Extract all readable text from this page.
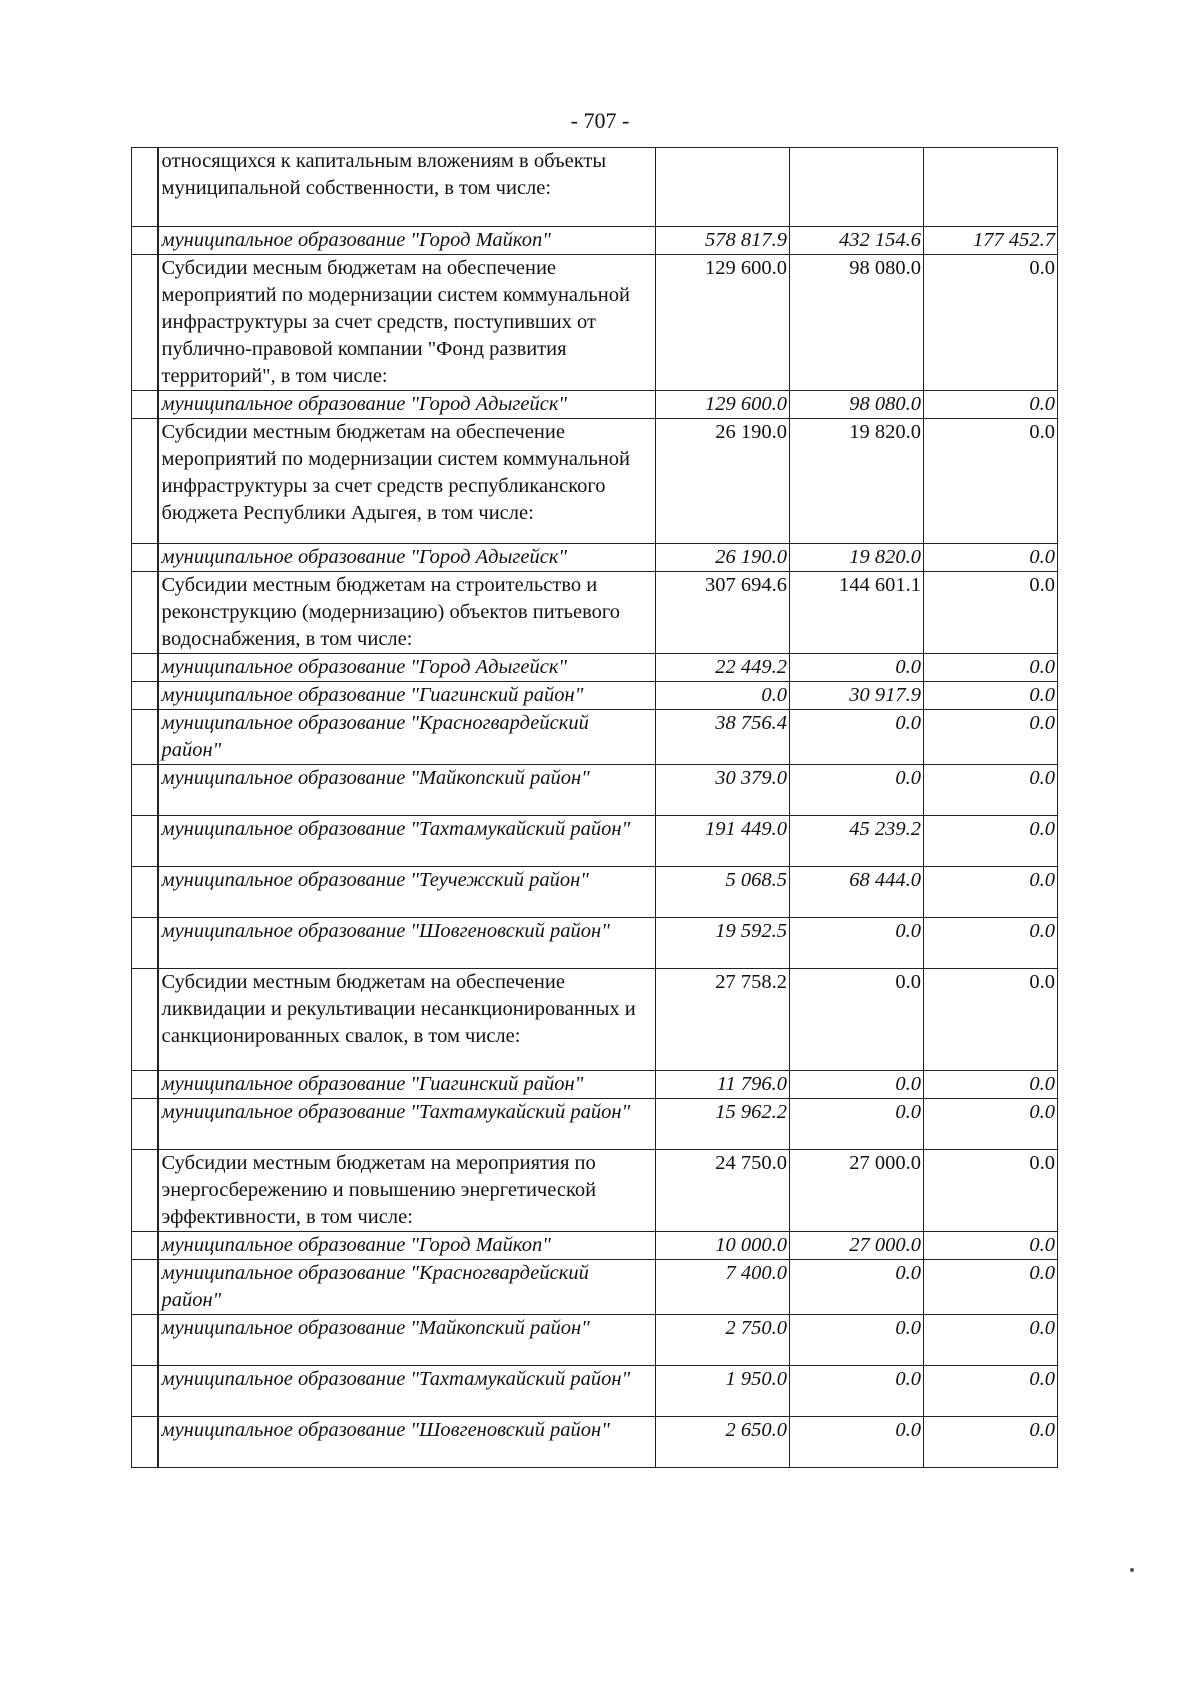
- 707 -
	относящихся к капитальным вложениям в объекты муниципальной собственности, в том числе:			
	муниципальное образование "Город Майкоп"	578 817.9	432 154.6	177 452.7
	Субсидии месным бюджетам на обеспечение мероприятий по модернизации систем коммунальной инфраструктуры за счет средств, поступивших от публично-правовой компании "Фонд развития территорий", в том числе:	129 600.0	98 080.0	0.0
	муниципальное образование "Город Адыгейск"	129 600.0	98 080.0	0.0
	Субсидии местным бюджетам на обеспечение мероприятий по модернизации систем коммунальной инфраструктуры за счет средств республиканского бюджета Республики Адыгея, в том числе:	26 190.0	19 820.0	0.0
	муниципальное образование "Город Адыгейск"	26 190.0	19 820.0	0.0
	Субсидии местным бюджетам на строительство и реконструкцию (модернизацию) объектов питьевого водоснабжения, в том числе:	307 694.6	144 601.1	0.0
	муниципальное образование "Город Адыгейск"	22 449.2	0.0	0.0
	муниципальное образование "Гиагинский район"	0.0	30 917.9	0.0
	муниципальное образование "Красногвардейский район"	38 756.4	0.0	0.0
	муниципальное образование "Майкопский район"	30 379.0	0.0	0.0
	муниципальное образование "Тахтамукайский район"	191 449.0	45 239.2	0.0
	муниципальное образование "Теучежский район"	5 068.5	68 444.0	0.0
	муниципальное образование "Шовгеновский район"	19 592.5	0.0	0.0
	Субсидии местным бюджетам на обеспечение ликвидации и рекультивации несанкционированных и санкционированных свалок, в том числе:	27 758.2	0.0	0.0
	муниципальное образование "Гиагинский район"	11 796.0	0.0	0.0
	муниципальное образование "Тахтамукайский район"	15 962.2	0.0	0.0
	Субсидии местным бюджетам на мероприятия по энергосбережению и повышению энергетической эффективности, в том числе:	24 750.0	27 000.0	0.0
	муниципальное образование "Город Майкоп"	10 000.0	27 000.0	0.0
	муниципальное образование "Красногвардейский район"	7 400.0	0.0	0.0
	муниципальное образование "Майкопский район"	2 750.0	0.0	0.0
	муниципальное образование "Тахтамукайский район"	1 950.0	0.0	0.0
	муниципальное образование "Шовгеновский район"	2 650.0	0.0	0.0
